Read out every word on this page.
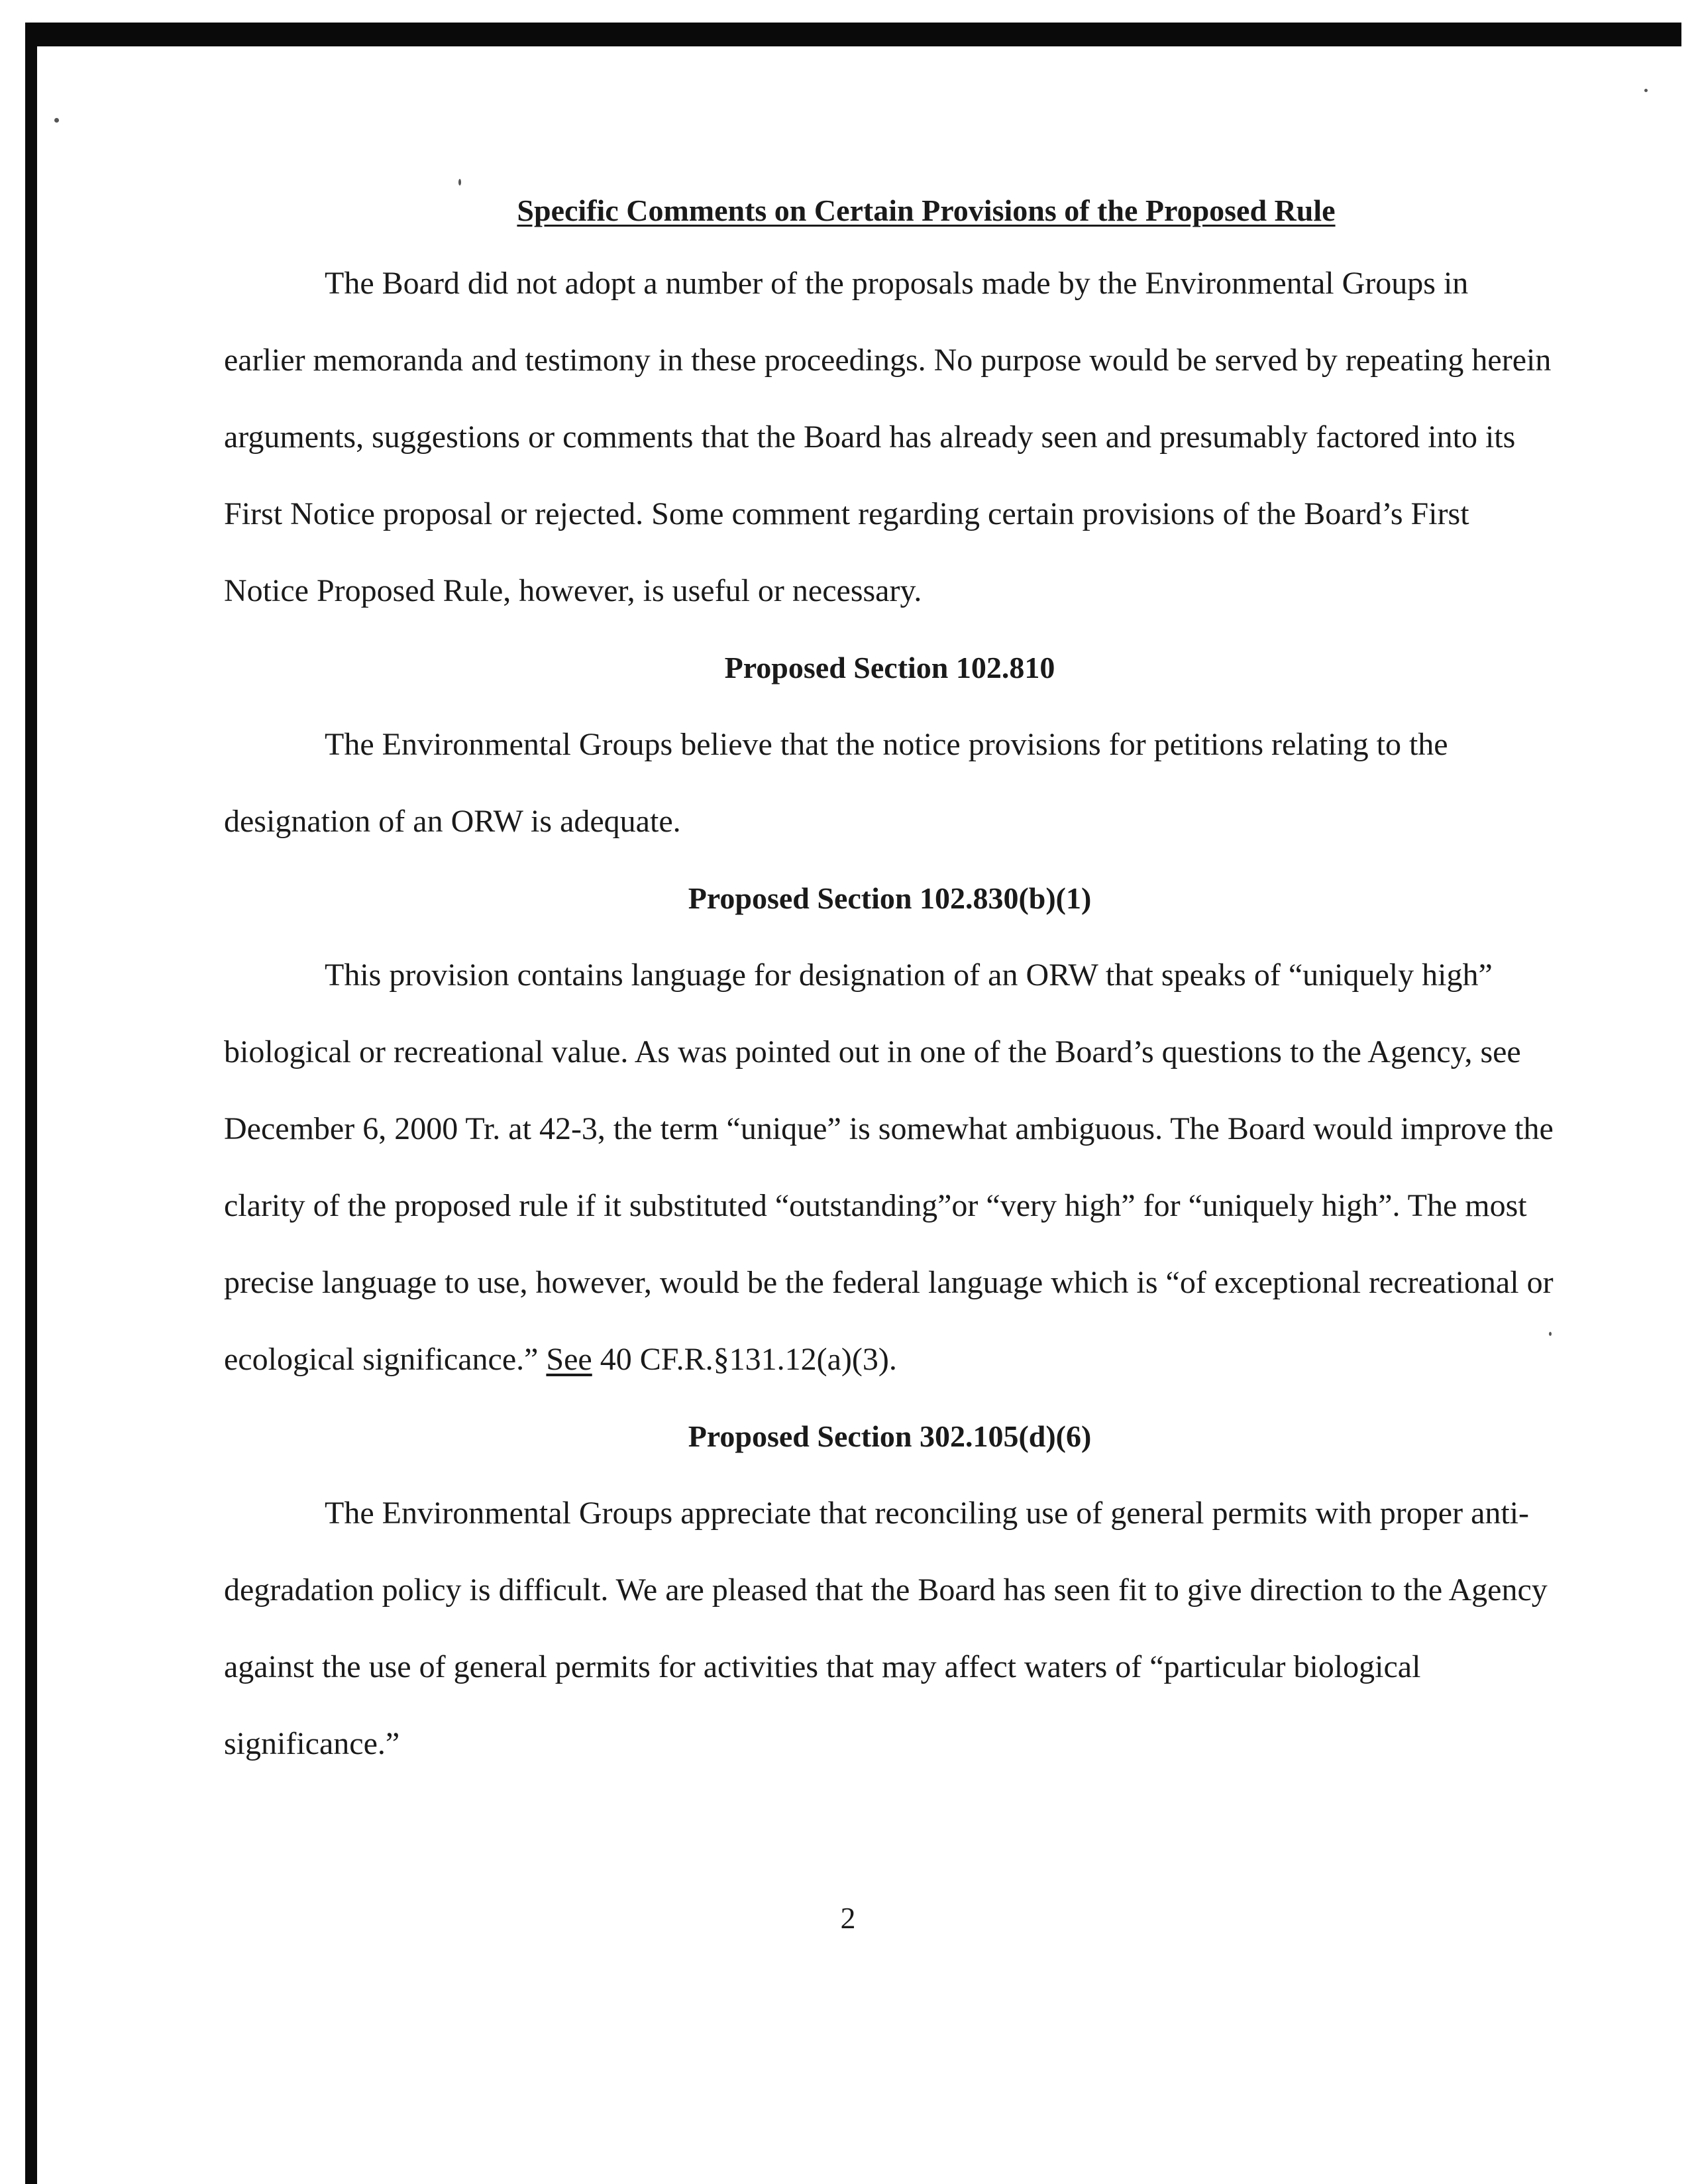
Specific Comments on Certain Provisions of the Proposed Rule

The Board did not adopt a number of the proposals made by the Environmental Groups in earlier memoranda and testimony in these proceedings. No purpose would be served by repeating herein arguments, suggestions or comments that the Board has already seen and presumably factored into its First Notice proposal or rejected. Some comment regarding certain provisions of the Board’s First Notice Proposed Rule, however, is useful or necessary.

Proposed Section 102.810

The Environmental Groups believe that the notice provisions for petitions relating to the designation of an ORW is adequate.

Proposed Section 102.830(b)(1)

This provision contains language for designation of an ORW that speaks of “uniquely high” biological or recreational value. As was pointed out in one of the Board’s questions to the Agency, see December 6, 2000 Tr. at 42-3, the term “unique” is somewhat ambiguous. The Board would improve the clarity of the proposed rule if it substituted “outstanding”or “very high” for “uniquely high”. The most precise language to use, however, would be the federal language which is “of exceptional recreational or ecological significance.” See 40 CF.R.§131.12(a)(3).

Proposed Section 302.105(d)(6)

The Environmental Groups appreciate that reconciling use of general permits with proper anti-degradation policy is difficult. We are pleased that the Board has seen fit to give direction to the Agency against the use of general permits for activities that may affect waters of “particular biological significance.”

2
